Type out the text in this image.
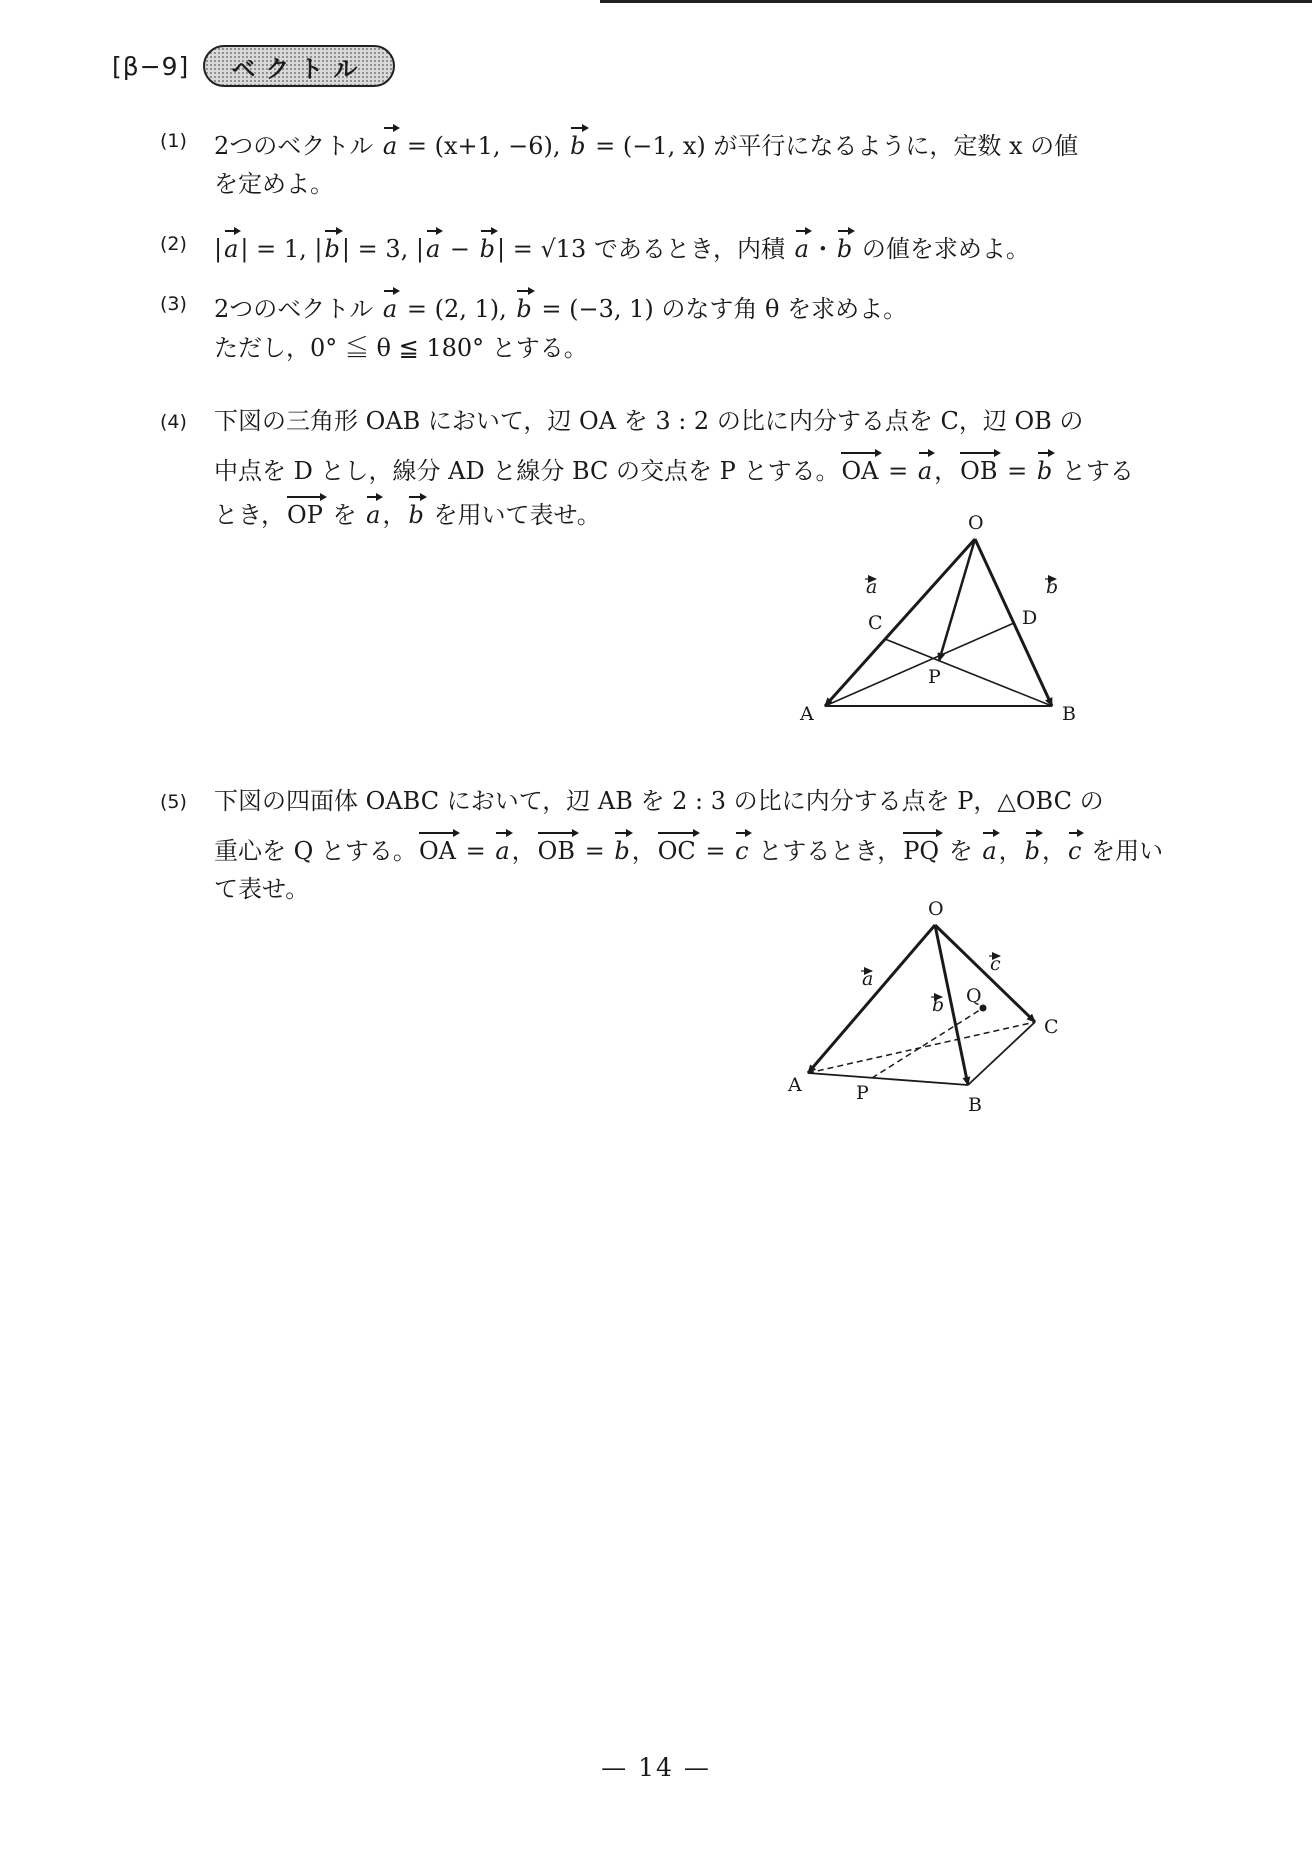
[β−9]	ベクトル
(1) 2つのベクトル a = (x+1, −6), b = (−1, x) が平行になるように，定数 x の値
を定めよ。
(2) |a| = 1, |b| = 3, |a − b| = √13 であるとき，内積 a・b の値を求めよ。
(3) 2つのベクトル a = (2, 1), b = (−3, 1) のなす角 θ を求めよ。
ただし，0° ≦ θ ≦ 180° とする。
(4) 下図の三角形 OAB において，辺 OA を 3 : 2 の比に内分する点を C，辺 OB の
中点を D とし，線分 AD と線分 BC の交点を P とする。OA = a，OB = b とする
とき，OP を a，b を用いて表せ。	O
A	B
C	D
P
a	b
(5) 下図の四面体 OABC において，辺 AB を 2 : 3 の比に内分する点を P，△OBC の
重心を Q とする。OA = a，OB = b，OC = c とするとき，PQ を a，b，c を用い
て表せ。
O
A
B
C
P
Q
a
b
c
— 14 —
